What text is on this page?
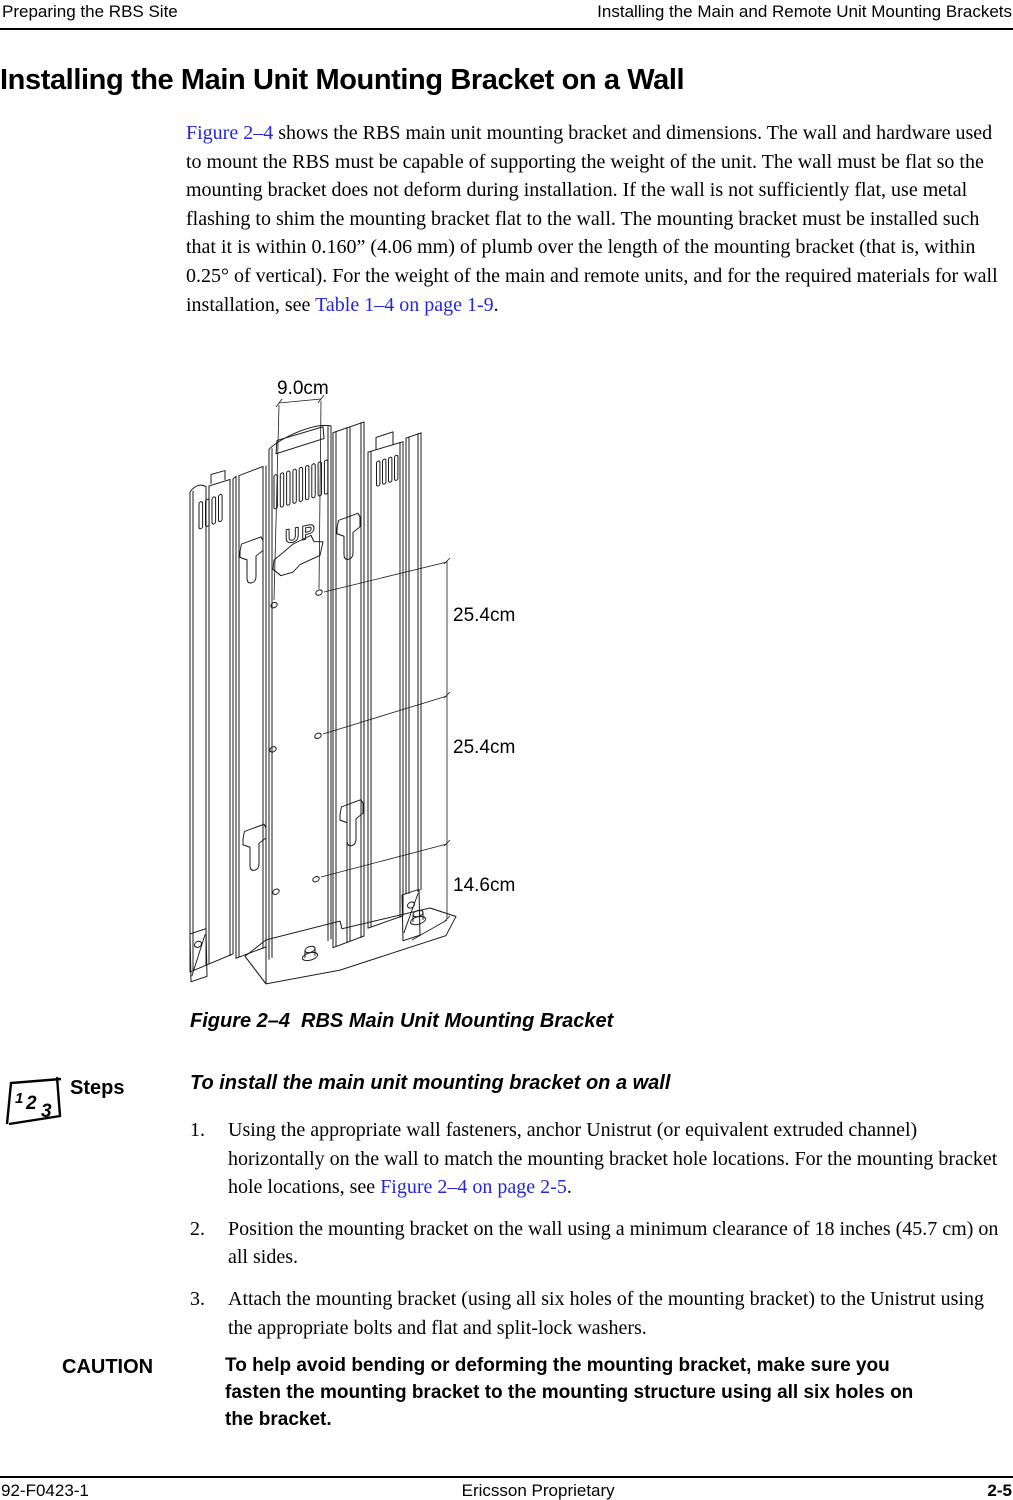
Preparing the RBS Site	Installing the Main and Remote Unit Mounting Brackets
Installing the Main Unit Mounting Bracket on a Wall
Figure 2–4 shows the RBS main unit mounting bracket and dimensions. The wall and hardware used to mount the RBS must be capable of supporting the weight of the unit. The wall must be flat so the mounting bracket does not deform during installation. If the wall is not sufficiently flat, use metal flashing to shim the mounting bracket flat to the wall. The mounting bracket must be installed such that it is within 0.160” (4.06 mm) of plumb over the length of the mounting bracket (that is, within 0.25° of vertical). For the weight of the main and remote units, and for the required materials for wall installation, see Table 1–4 on page 1-9.
UP
9.0cm
25.4cm
25.4cm
14.6cm
Figure 2–4 RBS Main Unit Mounting Bracket
1 2 3
Steps	To install the main unit mounting bracket on a wall
1.	Using the appropriate wall fasteners, anchor Unistrut (or equivalent extruded channel) horizontally on the wall to match the mounting bracket hole locations. For the mounting bracket hole locations, see Figure 2–4 on page 2-5.
2.	Position the mounting bracket on the wall using a minimum clearance of 18 inches (45.7 cm) on all sides.
3.	Attach the mounting bracket (using all six holes of the mounting bracket) to the Unistrut using the appropriate bolts and flat and split-lock washers.
CAUTION	To help avoid bending or deforming the mounting bracket, make sure you fasten the mounting bracket to the mounting structure using all six holes on the bracket.
92-F0423-1	Ericsson Proprietary	2-5
